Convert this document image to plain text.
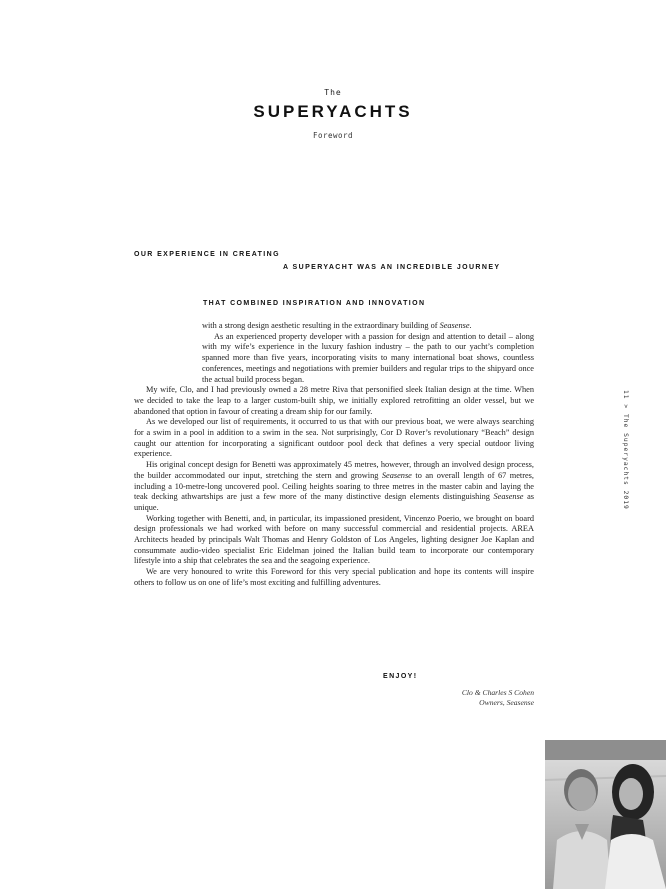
The
SUPERYACHTS
Foreword
11 > The Superyachts 2019
OUR EXPERIENCE IN CREATING
A SUPERYACHT WAS AN INCREDIBLE JOURNEY
THAT COMBINED INSPIRATION AND INNOVATION

with a strong design aesthetic resulting in the extraordinary building of Seasense.

As an experienced property developer with a passion for design and attention to detail – along with my wife’s experience in the luxury fashion industry – the path to our yacht’s completion spanned more than five years, incorporating visits to many international boat shows, countless conferences, meetings and negotiations with premier builders and regular trips to the shipyard once the actual build process began.

My wife, Clo, and I had previously owned a 28 metre Riva that personified sleek Italian design at the time. When we decided to take the leap to a larger custom-built ship, we initially explored retrofitting an older vessel, but we abandoned that option in favour of creating a dream ship for our family.

As we developed our list of requirements, it occurred to us that with our previous boat, we were always searching for a swim in a pool in addition to a swim in the sea. Not surprisingly, Cor D Rover’s revolutionary “Beach” design caught our attention for incorporating a significant outdoor pool deck that defines a very special outdoor living experience.

His original concept design for Benetti was approximately 45 metres, however, through an involved design process, the builder accommodated our input, stretching the stern and growing Seasense to an overall length of 67 metres, including a 10-metre-long uncovered pool. Ceiling heights soaring to three metres in the master cabin and laying the teak decking athwartships are just a few more of the many distinctive design elements distinguishing Seasense as unique.

Working together with Benetti, and, in particular, its impassioned president, Vincenzo Poerio, we brought on board design professionals we had worked with before on many successful commercial and residential projects. AREA Architects headed by principals Walt Thomas and Henry Goldston of Los Angeles, lighting designer Joe Kaplan and consummate audio-video specialist Eric Eidelman joined the Italian build team to incorporate our contemporary lifestyle into a ship that celebrates the sea and the seagoing experience.

We are very honoured to write this Foreword for this very special publication and hope its contents will inspire others to follow us on one of life’s most exciting and fulfilling adventures.

ENJOY!
Clo & Charles S Cohen
Owners, Seasense
